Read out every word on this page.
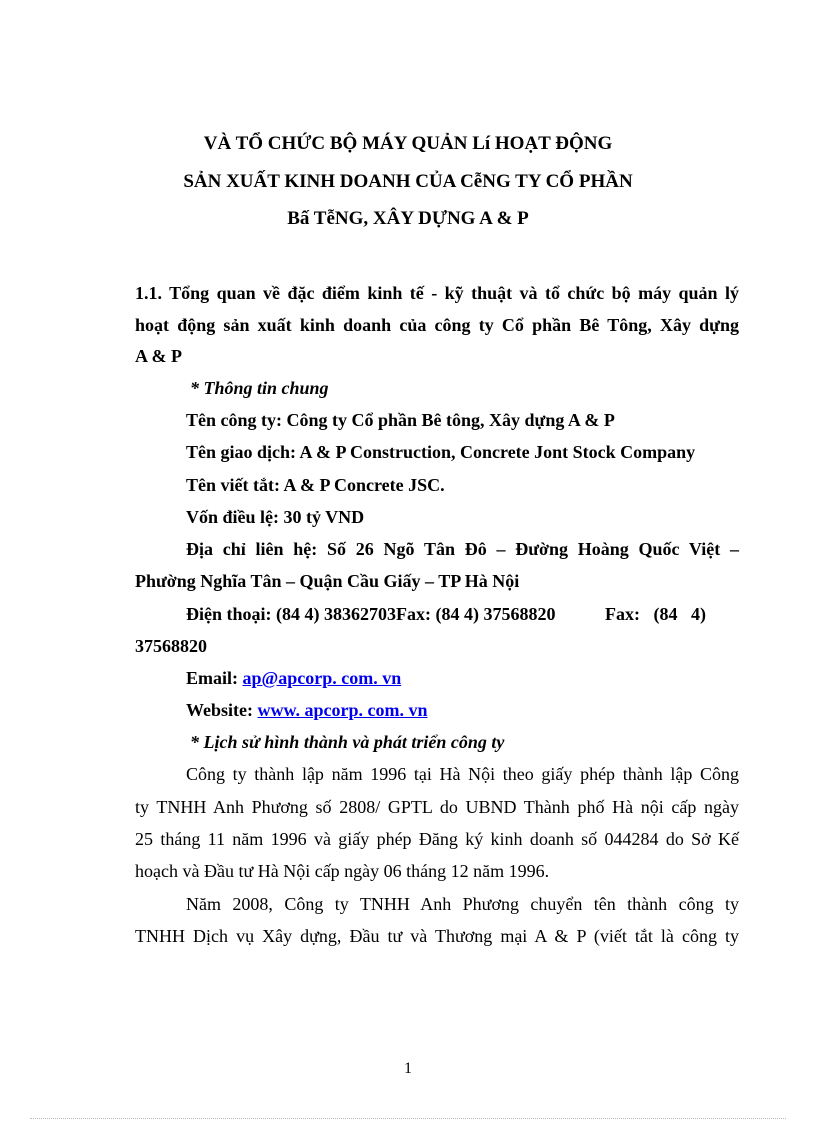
VÀ TỔ CHỨC BỘ MÁY QUẢN Lí HOẠT ĐỘNG
SẢN XUẤT KINH DOANH CỦA CễNG TY CỔ PHẦN
Bấ TễNG, XÂY DỰNG A & P
1.1. Tổng quan về đặc điểm kinh tế - kỹ thuật và tổ chức bộ máy quản lý
hoạt động sản xuất kinh doanh của công ty Cổ phần Bê Tông, Xây dựng
A & P
* Thông tin chung
Tên công ty: Công ty Cổ phần Bê tông, Xây dựng A & P
Tên giao dịch: A & P Construction, Concrete Jont Stock Company
Tên viết tắt: A & P Concrete JSC.
Vốn điều lệ: 30 tỷ VND
Địa chỉ liên hệ: Số 26 Ngõ Tân Đô – Đường Hoàng Quốc Việt –
Phường Nghĩa Tân – Quận Cầu Giấy – TP Hà Nội
Điện thoại: (84 4) 38362703Fax: (84 4) 37568820           Fax:   (84   4)
37568820
Email: ap@apcorp. com. vn
Website: www. apcorp. com. vn
* Lịch sử hình thành và phát triển công ty
Công ty thành lập năm 1996 tại Hà Nội theo giấy phép thành lập Công
ty TNHH Anh Phương số 2808/ GPTL do UBND Thành phố Hà nội cấp ngày
25 tháng 11 năm 1996 và giấy phép Đăng ký kinh doanh số 044284 do Sở Kế
hoạch và Đầu tư Hà Nội cấp ngày 06 tháng 12 năm 1996.
Năm 2008, Công ty TNHH Anh Phương chuyển tên thành công ty
TNHH Dịch vụ Xây dựng, Đầu tư và Thương mại A & P (viết tắt là công ty
1
